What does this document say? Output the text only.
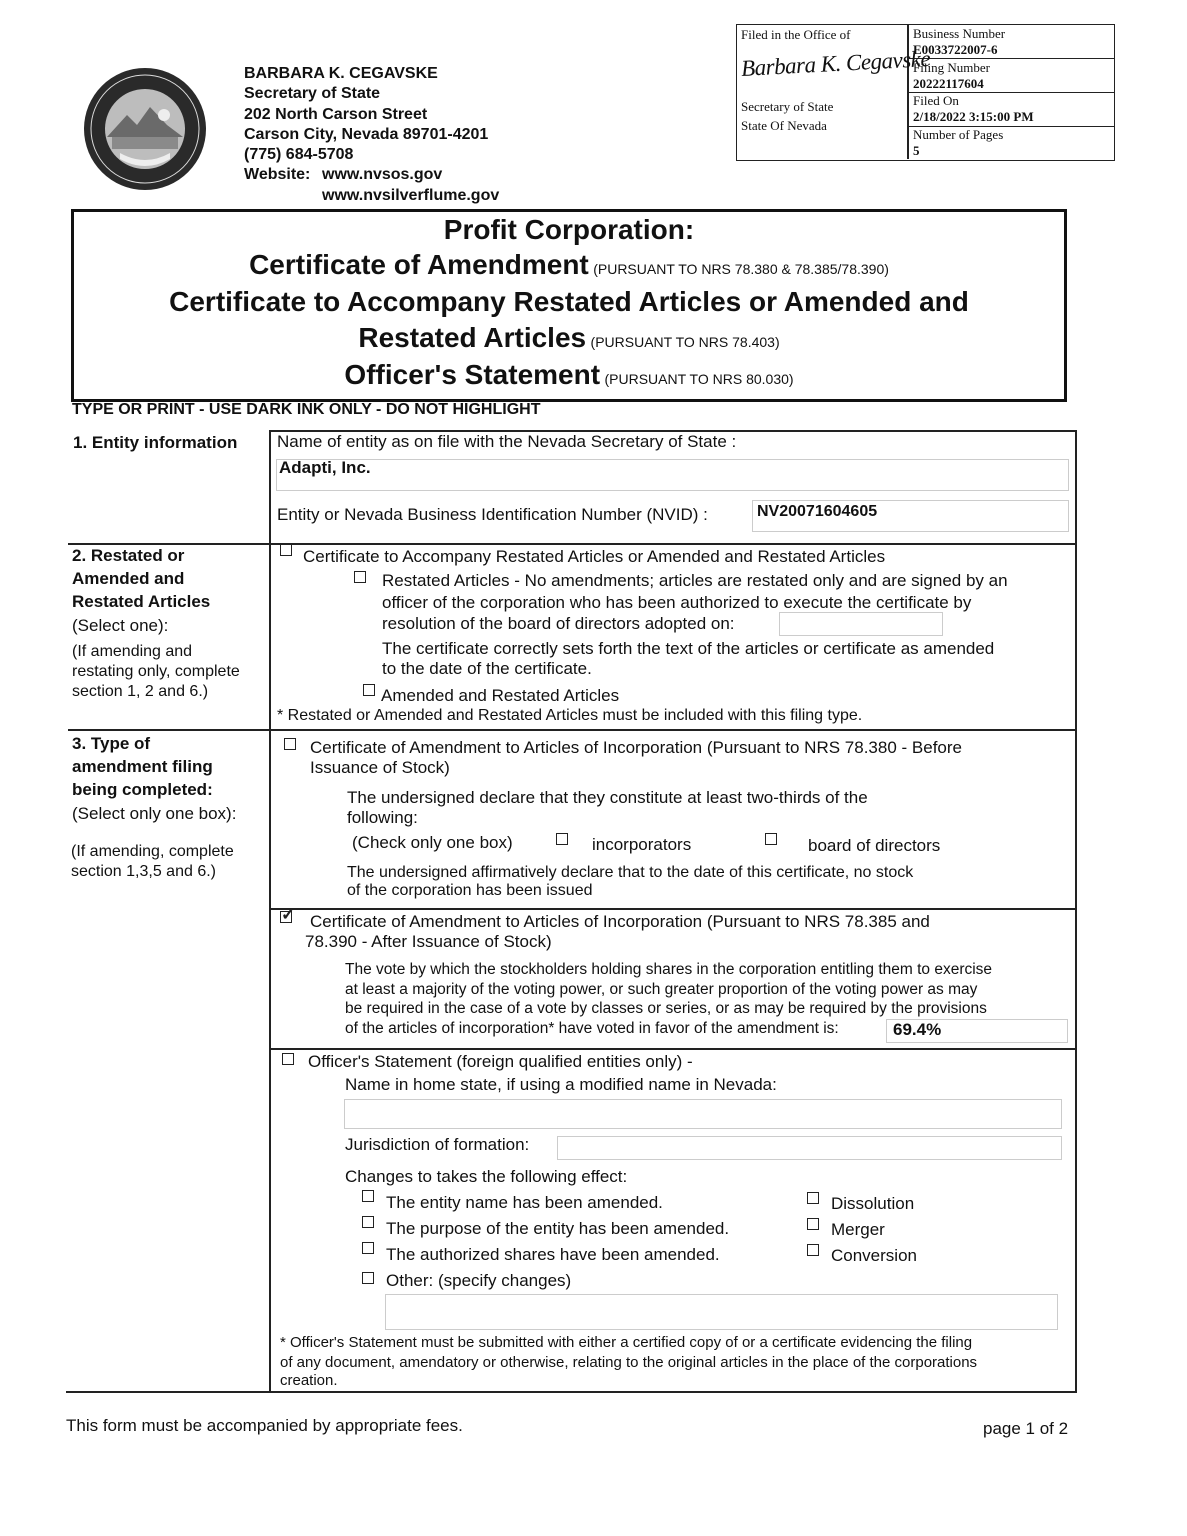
BARBARA K. CEGAVSKE
Secretary of State
202 North Carson Street
Carson City, Nevada 89701-4201
(775) 684-5708
Website: www.nvsos.gov
www.nvsilverflume.gov
Filed in the Office of
Barbara K. Cegavske
Secretary of State
State Of Nevada
Business Number
E0033722007-6
Filing Number
20222117604
Filed On
2/18/2022 3:15:00 PM
Number of Pages
5
Profit Corporation:
Certificate of Amendment (PURSUANT TO NRS 78.380 & 78.385/78.390)
Certificate to Accompany Restated Articles or Amended and
Restated Articles (PURSUANT TO NRS 78.403)
Officer's Statement (PURSUANT TO NRS 80.030)
TYPE OR PRINT - USE DARK INK ONLY - DO NOT HIGHLIGHT
1. Entity information Name of entity as on file with the Nevada Secretary of State :
Adapti, Inc.
Entity or Nevada Business Identification Number (NVID) :	NV20071604605
2. Restated or
Amended and
Restated Articles
(Select one):
(If amending and
restating only, complete
section 1, 2 and 6.)
Certificate to Accompany Restated Articles or Amended and Restated Articles
Restated Articles - No amendments; articles are restated only and are signed by an
officer of the corporation who has been authorized to execute the certificate by
resolution of the board of directors adopted on:
The certificate correctly sets forth the text of the articles or certificate as amended
to the date of the certificate.
Amended and Restated Articles
* Restated or Amended and Restated Articles must be included with this filing type.
3. Type of
amendment filing
being completed:
(Select only one box):
(If amending, complete
section 1,3,5 and 6.)
Certificate of Amendment to Articles of Incorporation (Pursuant to NRS 78.380 - Before
Issuance of Stock)
The undersigned declare that they constitute at least two-thirds of the
following:
(Check only one box)	incorporators	board of directors
The undersigned affirmatively declare that to the date of this certificate, no stock
of the corporation has been issued
✓
Certificate of Amendment to Articles of Incorporation (Pursuant to NRS 78.385 and
78.390 - After Issuance of Stock)
The vote by which the stockholders holding shares in the corporation entitling them to exercise
at least a majority of the voting power, or such greater proportion of the voting power as may
be required in the case of a vote by classes or series, or as may be required by the provisions
of the articles of incorporation* have voted in favor of the amendment is:	69.4%
Officer's Statement (foreign qualified entities only) -
Name in home state, if using a modified name in Nevada:
Jurisdiction of formation:
Changes to takes the following effect:
The entity name has been amended.
The purpose of the entity has been amended.
The authorized shares have been amended.
Other: (specify changes)
Dissolution
Merger
Conversion
* Officer's Statement must be submitted with either a certified copy of or a certificate evidencing the filing
of any document, amendatory or otherwise, relating to the original articles in the place of the corporations
creation.
This form must be accompanied by appropriate fees.	page 1 of 2
